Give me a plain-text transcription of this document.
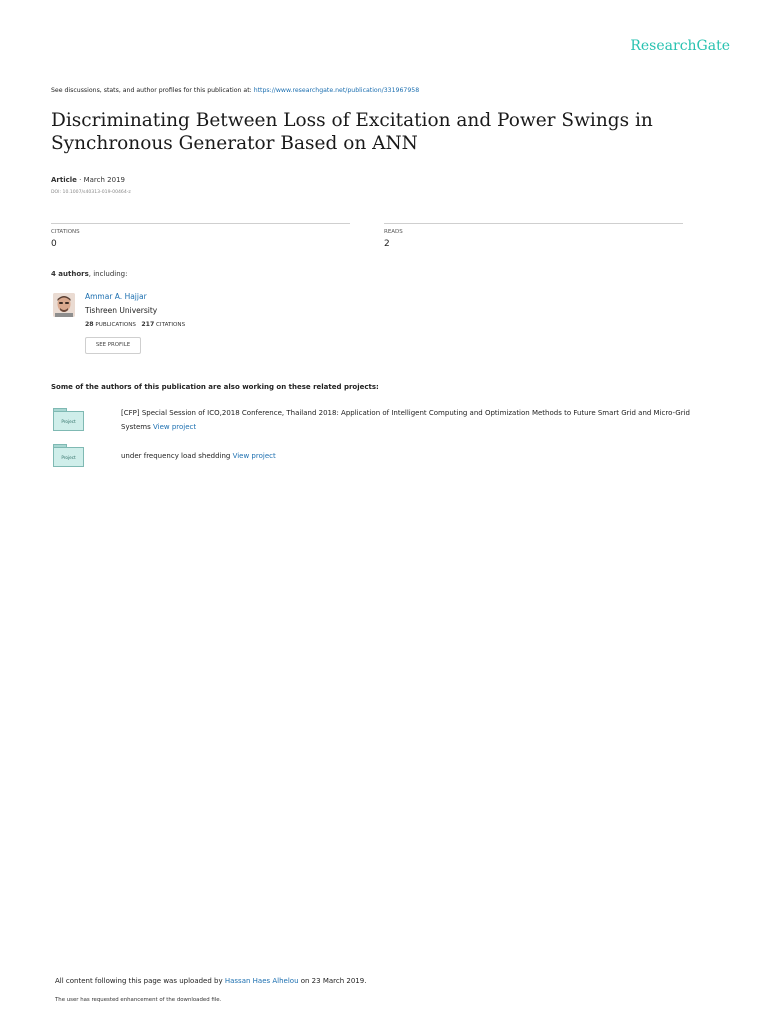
ResearchGate
See discussions, stats, and author profiles for this publication at: https://www.researchgate.net/publication/331967958
Discriminating Between Loss of Excitation and Power Swings in Synchronous Generator Based on ANN
Article · March 2019
DOI: 10.1007/s40313-019-00464-z
CITATIONS
0
READS
2
4 authors, including:
Ammar A. Hajjar
Tishreen University
28 PUBLICATIONS 217 CITATIONS
SEE PROFILE
Some of the authors of this publication are also working on these related projects:
Project
[CFP] Special Session of ICO,2018 Conference, Thailand 2018: Application of Intelligent Computing and Optimization Methods to Future Smart Grid and Micro-Grid Systems View project
Project	under frequency load shedding View project
All content following this page was uploaded by Hassan Haes Alhelou on 23 March 2019.
The user has requested enhancement of the downloaded file.
